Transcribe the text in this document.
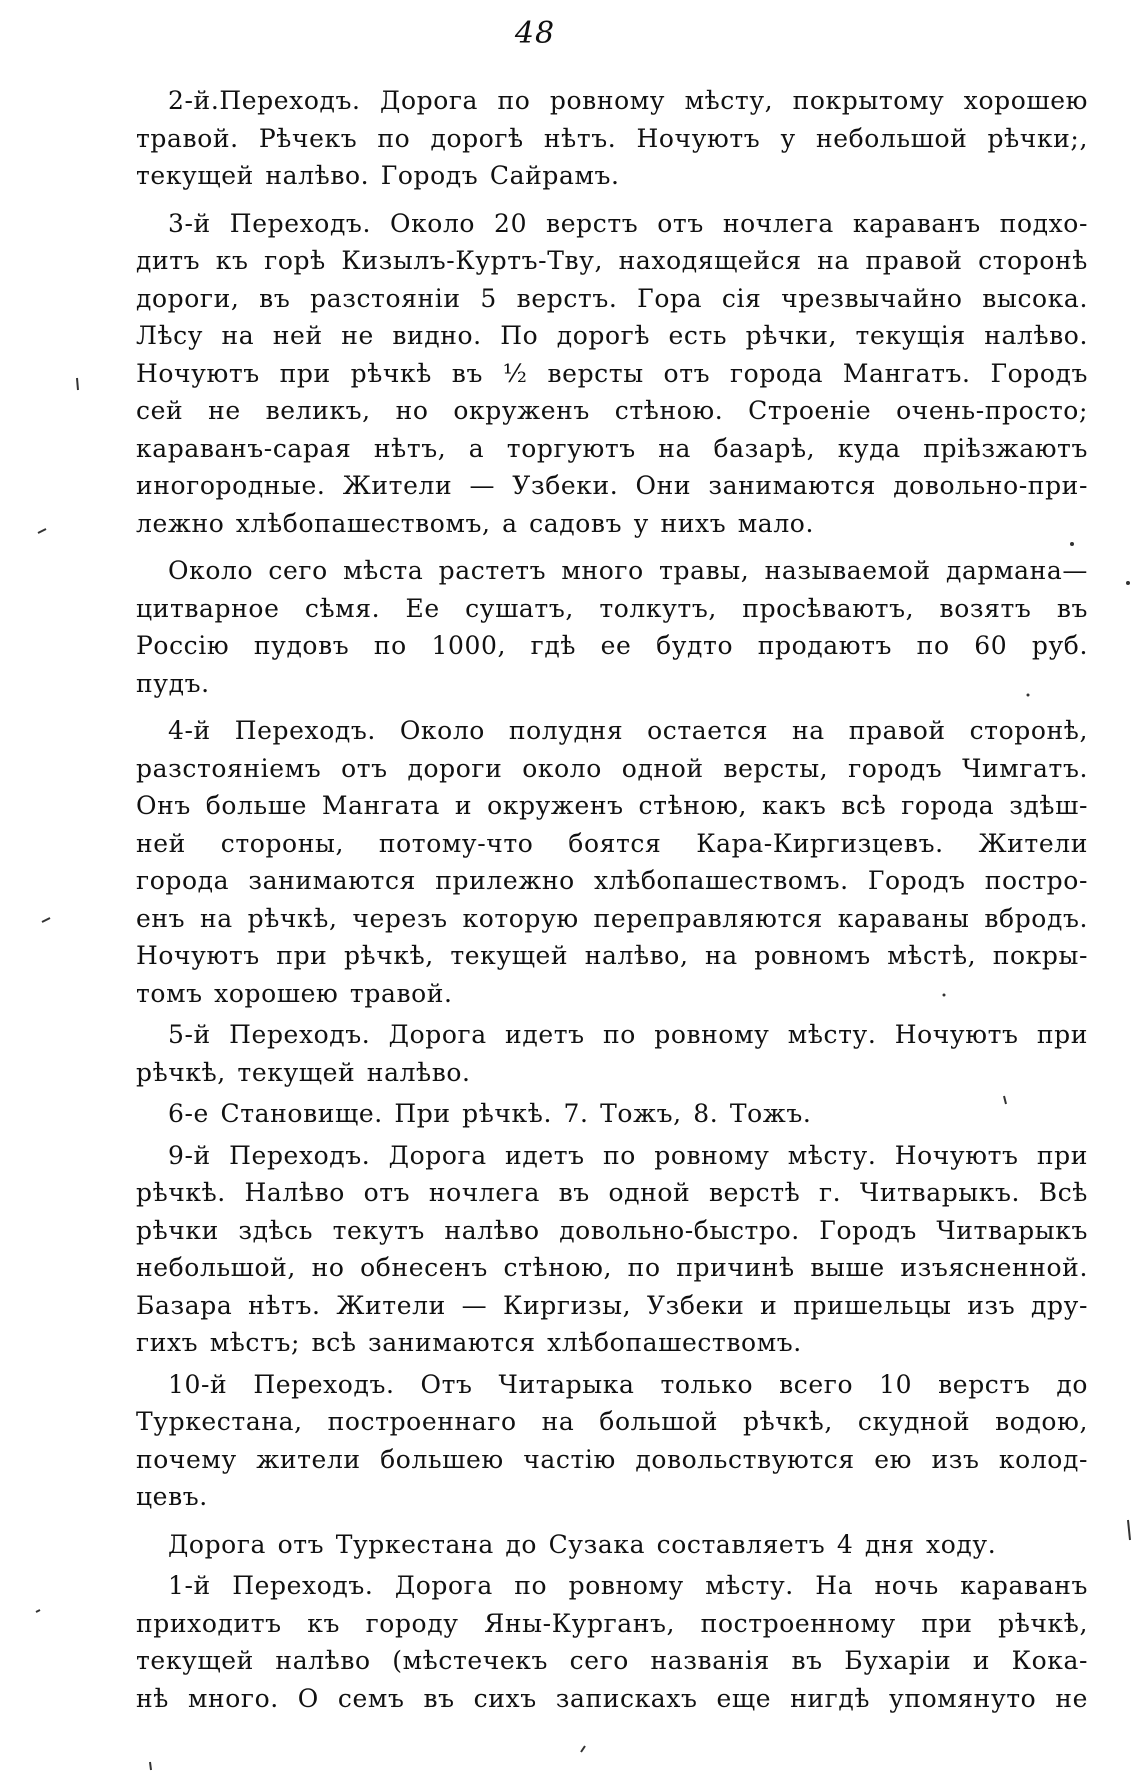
48
2-й.Переходъ. Дорога по ровному мѣсту, покрытому хорошею
травой. Рѣчекъ по дорогѣ нѣтъ. Ночуютъ у небольшой рѣчки;,
текущей налѣво. Городъ Сайрамъ.
3-й Переходъ. Около 20 верстъ отъ ночлега караванъ подхо-
дитъ къ горѣ Кизылъ-Куртъ-Тву, находящейся на правой сторонѣ
дороги, въ разстояніи 5 верстъ. Гора сія чрезвычайно высока.
Лѣсу на ней не видно. По дорогѣ есть рѣчки, текущія налѣво.
Ночуютъ при рѣчкѣ въ ½ версты отъ города Мангатъ. Городъ
сей не великъ, но окруженъ стѣною. Строеніе очень-просто;
караванъ-сарая нѣтъ, а торгуютъ на базарѣ, куда пріѣзжаютъ
иногородные. Жители — Узбеки. Они занимаются довольно-при-
лежно хлѣбопашествомъ, а садовъ у нихъ мало.
Около сего мѣста растетъ много травы, называемой дармана—
цитварное сѣмя. Ее сушатъ, толкутъ, просѣваютъ, возятъ въ
Россію пудовъ по 1000, гдѣ ее будто продаютъ по 60 руб.
пудъ.
4-й Переходъ. Около полудня остается на правой сторонѣ,
разстояніемъ отъ дороги около одной версты, городъ Чимгатъ.
Онъ больше Мангата и окруженъ стѣною, какъ всѣ города здѣш-
ней стороны, потому-что боятся Кара-Киргизцевъ. Жители
города занимаются прилежно хлѣбопашествомъ. Городъ постро-
енъ на рѣчкѣ, черезъ которую переправляются караваны вбродъ.
Ночуютъ при рѣчкѣ, текущей налѣво, на ровномъ мѣстѣ, покры-
томъ хорошею травой.
5-й Переходъ. Дорога идетъ по ровному мѣсту. Ночуютъ при
рѣчкѣ, текущей налѣво.
6-е Становище. При рѣчкѣ. 7. Тожъ, 8. Тожъ.
9-й Переходъ. Дорога идетъ по ровному мѣсту. Ночуютъ при
рѣчкѣ. Налѣво отъ ночлега въ одной верстѣ г. Читварыкъ. Всѣ
рѣчки здѣсь текутъ налѣво довольно-быстро. Городъ Читварыкъ
небольшой, но обнесенъ стѣною, по причинѣ выше изъясненной.
Базара нѣтъ. Жители — Киргизы, Узбеки и пришельцы изъ дру-
гихъ мѣстъ; всѣ занимаются хлѣбопашествомъ.
10-й Переходъ. Отъ Читарыка только всего 10 верстъ до
Туркестана, построеннаго на большой рѣчкѣ, скудной водою,
почему жители большею частію довольствуются ею изъ колод-
цевъ.
Дорога отъ Туркестана до Сузака составляетъ 4 дня ходу.
1-й Переходъ. Дорога по ровному мѣсту. На ночь караванъ
приходитъ къ городу Яны-Курганъ, построенному при рѣчкѣ,
текущей налѣво (мѣстечекъ сего названія въ Бухаріи и Кока-
нѣ много. О семъ въ сихъ запискахъ еще нигдѣ упомянуто не
